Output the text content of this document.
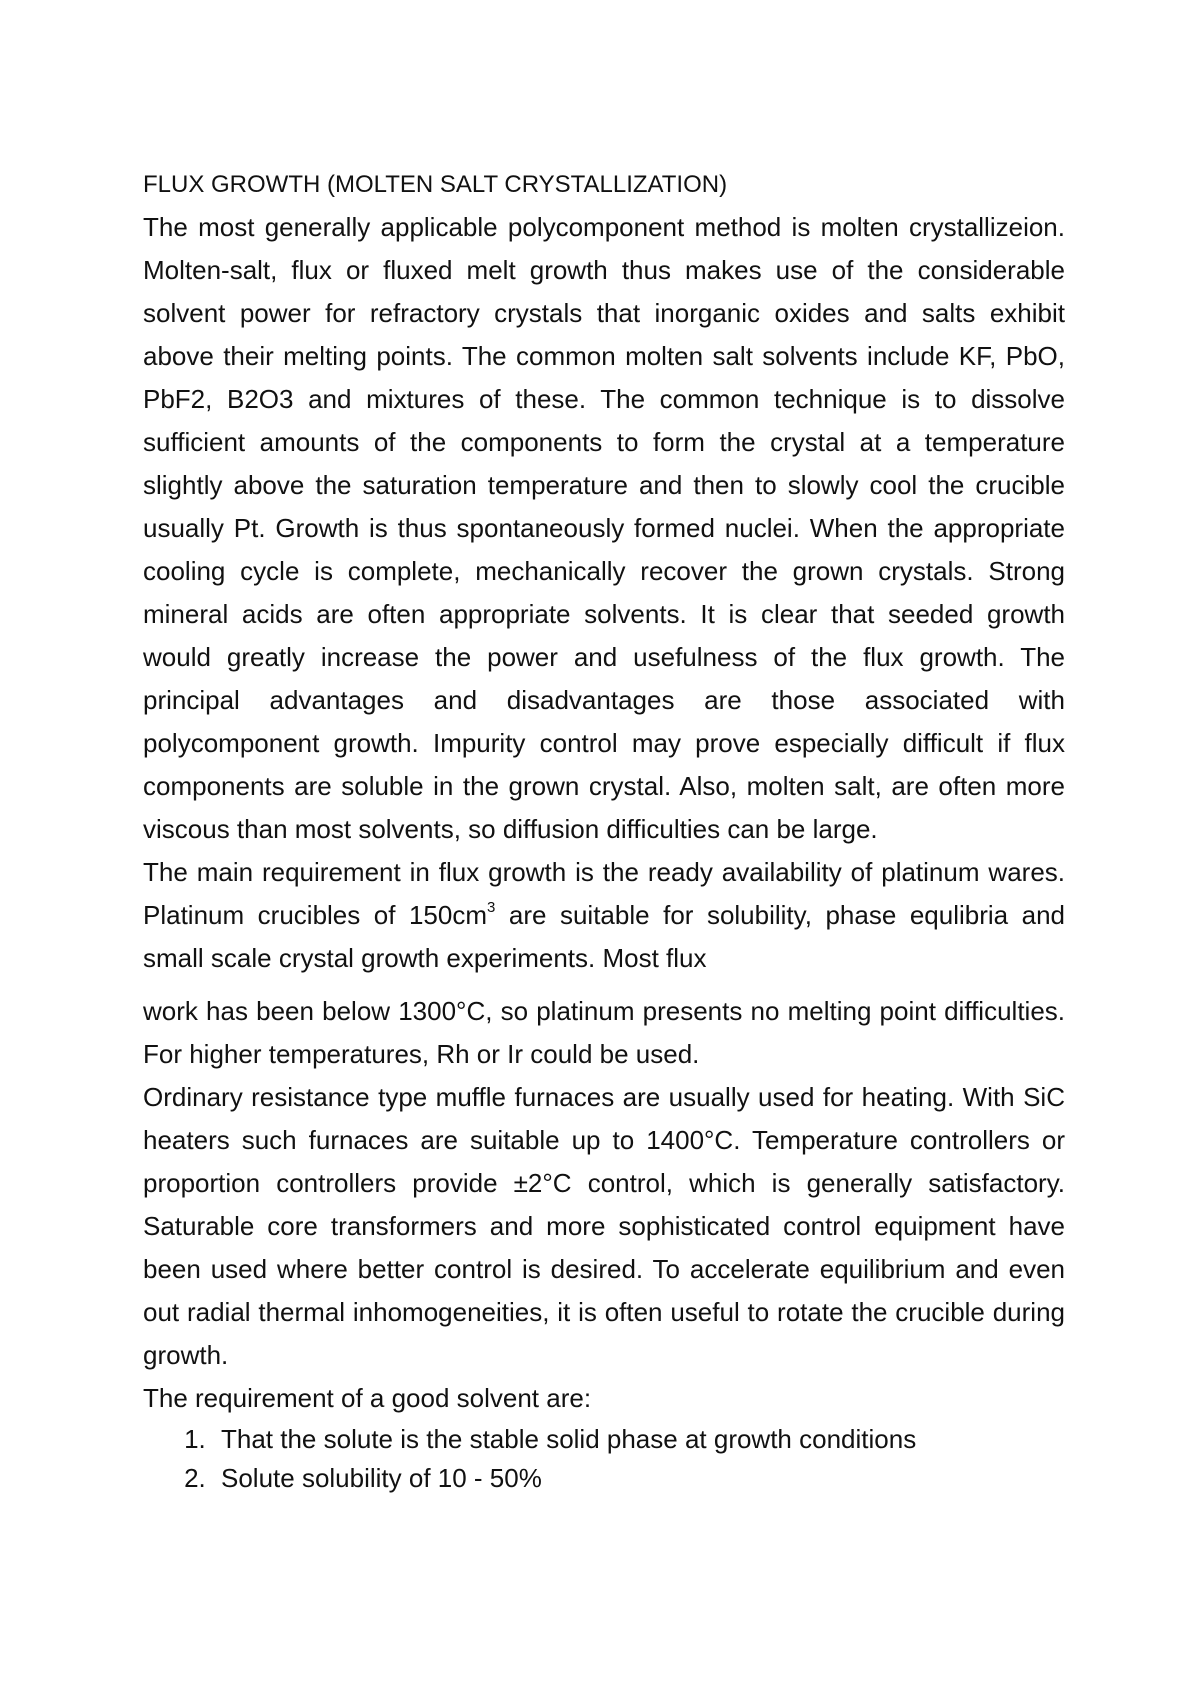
FLUX GROWTH (MOLTEN SALT CRYSTALLIZATION)

The most generally applicable polycomponent method is molten crystallizeion. Molten-salt, flux or fluxed melt growth thus makes use of the considerable solvent power for refractory crystals that inorganic oxides and salts exhibit above their melting points. The common molten salt solvents include KF, PbO, PbF2, B2O3 and mixtures of these. The common technique is to dissolve sufficient amounts of the components to form the crystal at a temperature slightly above the saturation temperature and then to slowly cool the crucible usually Pt. Growth is thus spontaneously formed nuclei. When the appropriate cooling cycle is complete, mechanically recover the grown crystals. Strong mineral acids are often appropriate solvents. It is clear that seeded growth would greatly increase the power and usefulness of the flux growth. The principal advantages and disadvantages are those associated with polycomponent growth. Impurity control may prove especially difficult if flux components are soluble in the grown crystal. Also, molten salt, are often more viscous than most solvents, so diffusion difficulties can be large.

The main requirement in flux growth is the ready availability of platinum wares. Platinum crucibles of $150cm^3$ are suitable for solubility, phase equlibria and small scale crystal growth experiments. Most flux

work has been below 1300°C, so platinum presents no melting point difficulties. For higher temperatures, Rh or Ir could be used.

Ordinary resistance type muffle furnaces are usually used for heating. With SiC heaters such furnaces are suitable up to 1400°C. Temperature controllers or proportion controllers provide ±2°C control, which is generally satisfactory. Saturable core transformers and more sophisticated control equipment have been used where better control is desired. To accelerate equilibrium and even out radial thermal inhomogeneities, it is often useful to rotate the crucible during growth.

The requirement of a good solvent are:

1. That the solute is the stable solid phase at growth conditions
2. Solute solubility of 10 - 50%
